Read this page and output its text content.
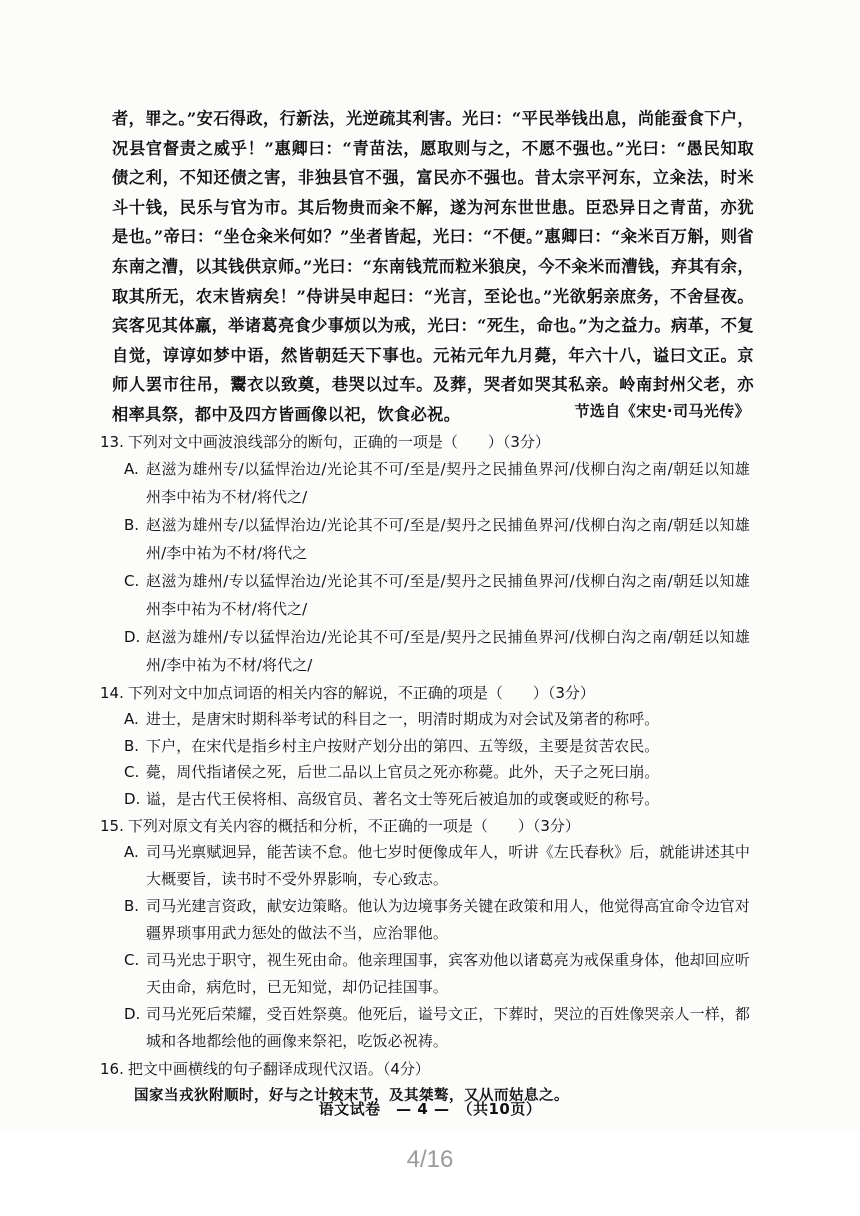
者，罪之。”安石得政，行新法，光逆疏其利害。光曰：“平民举钱出息，尚能蚕食下户，况县官督责之威乎！”惠卿曰：“青苗法，愿取则与之，不愿不强也。”光曰：“愚民知取债之利，不知还债之害，非独县官不强，富民亦不强也。昔太宗平河东，立籴法，时米斗十钱，民乐与官为市。其后物贵而籴不解，遂为河东世世患。臣恐异日之青苗，亦犹是也。”帝曰：“坐仓籴米何如？”坐者皆起，光曰：“不便。”惠卿曰：“籴米百万斛，则省东南之漕，以其钱供京师。”光曰：“东南钱荒而粒米狼戾，今不籴米而漕钱，弃其有余，取其所无，农末皆病矣！”侍讲吴申起曰：“光言，至论也。”光欲躬亲庶务，不舍昼夜。宾客见其体羸，举诸葛亮食少事烦以为戒，光曰：“死生，命也。”为之益力。病革，不复自觉，谆谆如梦中语，然皆朝廷天下事也。元祐元年九月薨，年六十八，谥曰文正。京师人罢市往吊，鬻衣以致奠，巷哭以过车。及葬，哭者如哭其私亲。岭南封州父老，亦相率具祭，都中及四方皆画像以祀，饮食必祝。	节选自《宋史·司马光传》
13. 下列对文中画波浪线部分的断句，正确的一项是（　　）（3分）
A. 赵滋为雄州专/以猛悍治边/光论其不可/至是/契丹之民捕鱼界河/伐柳白沟之南/朝廷以知雄州李中祐为不材/将代之/
B. 赵滋为雄州专/以猛悍治边/光论其不可/至是/契丹之民捕鱼界河/伐柳白沟之南/朝廷以知雄州/李中祐为不材/将代之
C. 赵滋为雄州/专以猛悍治边/光论其不可/至是/契丹之民捕鱼界河/伐柳白沟之南/朝廷以知雄州李中祐为不材/将代之/
D. 赵滋为雄州/专以猛悍治边/光论其不可/至是/契丹之民捕鱼界河/伐柳白沟之南/朝廷以知雄州/李中祐为不材/将代之/
14. 下列对文中加点词语的相关内容的解说，不正确的项是（　　）（3分）
A. 进士，是唐宋时期科举考试的科目之一，明清时期成为对会试及第者的称呼。
B. 下户，在宋代是指乡村主户按财产划分出的第四、五等级，主要是贫苦农民。
C. 薨，周代指诸侯之死，后世二品以上官员之死亦称薨。此外，天子之死曰崩。
D. 谥，是古代王侯将相、高级官员、著名文士等死后被追加的或褒或贬的称号。
15. 下列对原文有关内容的概括和分析，不正确的一项是（　　）（3分）
A. 司马光禀赋迥异，能苦读不怠。他七岁时便像成年人，听讲《左氏春秋》后，就能讲述其中大概要旨，读书时不受外界影响，专心致志。
B. 司马光建言资政，献安边策略。他认为边境事务关键在政策和用人，他觉得高宜命令边官对疆界琐事用武力惩处的做法不当，应治罪他。
C. 司马光忠于职守，视生死由命。他亲理国事，宾客劝他以诸葛亮为戒保重身体，他却回应听天由命，病危时，已无知觉，却仍记挂国事。
D. 司马光死后荣耀，受百姓祭奠。他死后，谥号文正，下葬时，哭泣的百姓像哭亲人一样，都城和各地都绘他的画像来祭祀，吃饭必祝祷。
16. 把文中画横线的句子翻译成现代汉语。（4分）
国家当戎狄附顺时，好与之计较末节，及其桀骜，又从而姑息之。
语文试卷　— 4 —　（共10页）
4/16
